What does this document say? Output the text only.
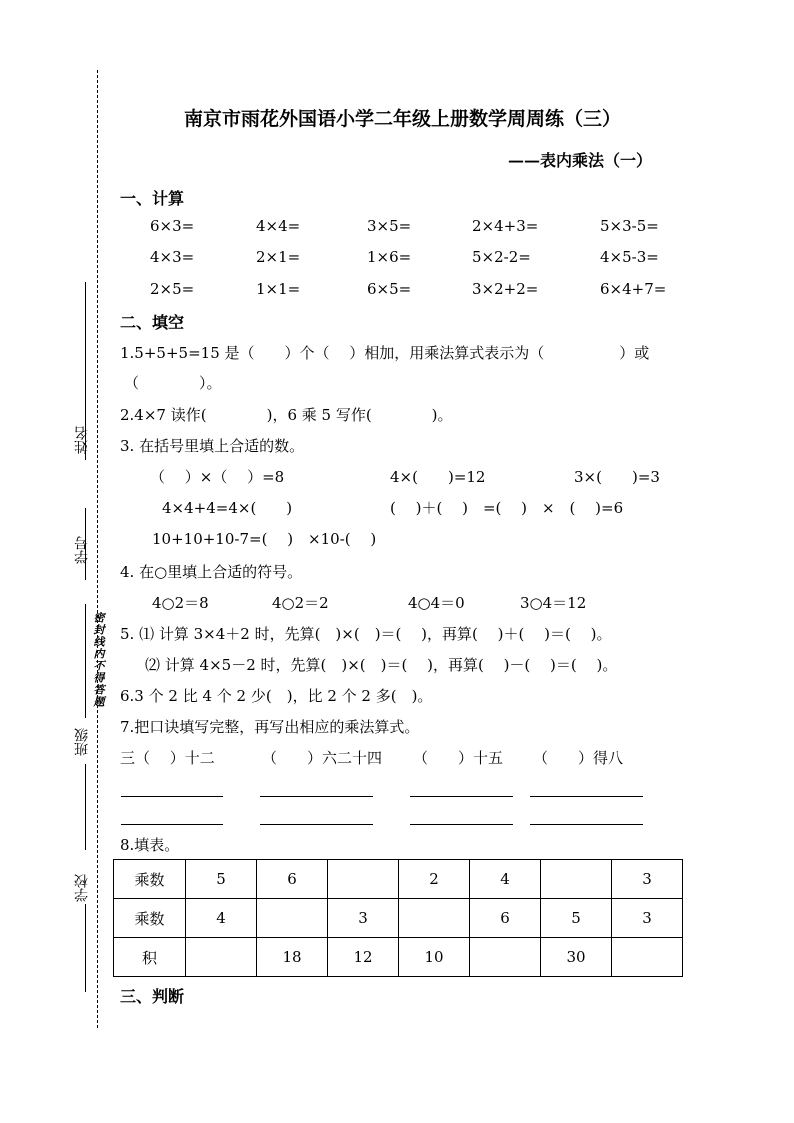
姓名
学号
班级
学校
密封线内不得答题
南京市雨花外国语小学二年级上册数学周周练（三）
——表内乘法（一）
一、计算
6×3=	4×4=	3×5=	2×4+3=	5×3-5=
4×3=	2×1=	1×6=	5×2-2=	4×5-3=
2×5=	1×1=	6×5=	3×2+2=	6×4+7=
二、填空
1.5+5+5=15 是（　　）个（　 ）相加，用乘法算式表示为（　　　　　）或
（　　　　）。
2.4×7 读作(　　　　)，6 乘 5 写作(　　　　)。
3. 在括号里填上合适的数。
（　 ）×（　 ）=8	4×(　　)=12	3×(　　)=3
4×4+4=4×(　　)	(　 )＋(　 )　=(　 )　×　(　 )=6
10+10+10-7=(　 )　×10-(　 )
4. 在○里填上合适的符号。
4○2＝8	4○2＝2	4○4＝0	3○4＝12
5. ⑴ 计算 3×4＋2 时，先算(　)×(　)＝(　 )，再算(　 )＋(　 )＝(　 )。
⑵ 计算 4×5－2 时，先算(　)×(　)＝(　 )，再算(　 )－(　 )＝(　 )。
6.3 个 2 比 4 个 2 少(　)，比 2 个 2 多(　)。
7.把口诀填写完整，再写出相应的乘法算式。
三（　 ）十二	（　　）六二十四 （　　）十五 （　　）得八
8.填表。
乘数	5	6		2	4		3
乘数	4		3		6	5	3
积		18	12	10		30	
三、判断
